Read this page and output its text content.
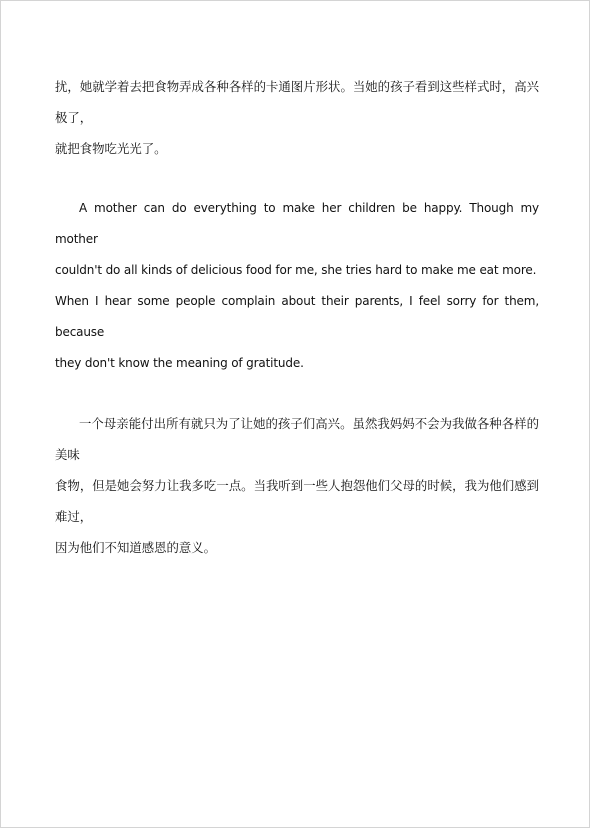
扰，她就学着去把食物弄成各种各样的卡通图片形状。当她的孩子看到这些样式时，高兴极了，
就把食物吃光光了。
A mother can do everything to make her children be happy. Though my mother
couldn't do all kinds of delicious food for me, she tries hard to make me eat more.
When I hear some people complain about their parents, I feel sorry for them, because
they don't know the meaning of gratitude.
一个母亲能付出所有就只为了让她的孩子们高兴。虽然我妈妈不会为我做各种各样的美味
食物，但是她会努力让我多吃一点。当我听到一些人抱怨他们父母的时候，我为他们感到难过，
因为他们不知道感恩的意义。
